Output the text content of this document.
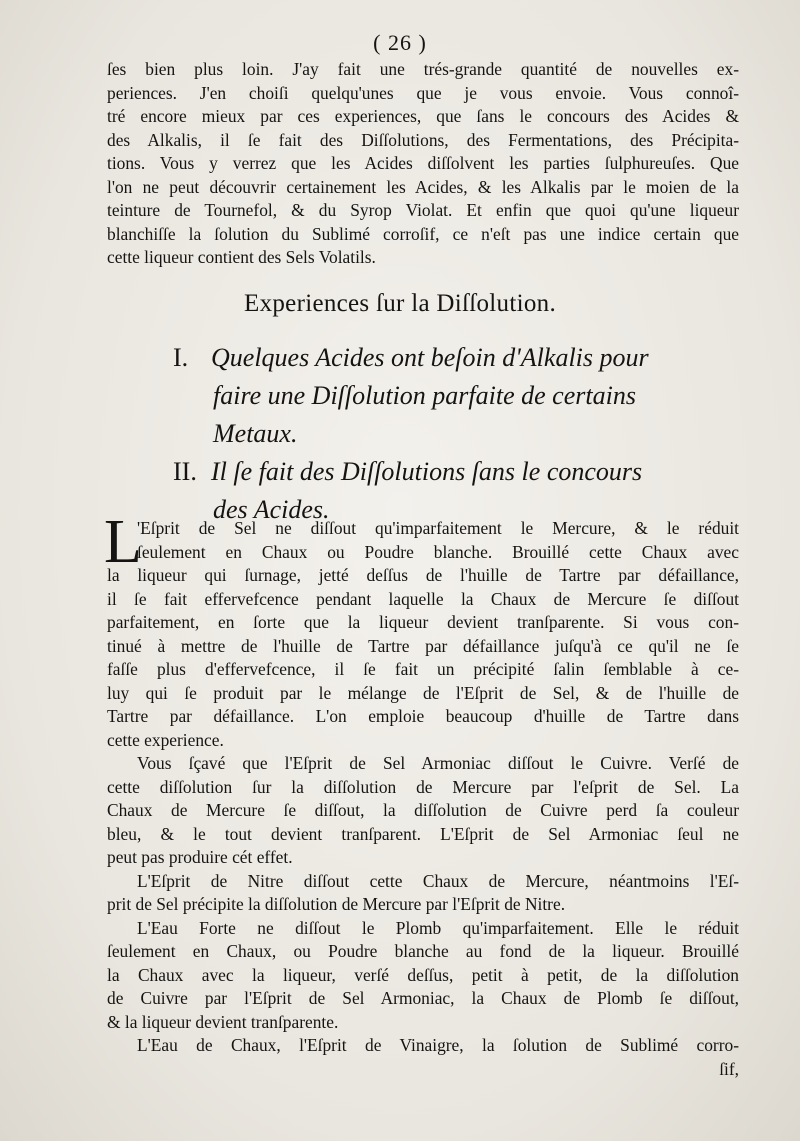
( 26 )
ſes bien plus loin. J'ay fait une trés-grande quantité de nouvelles ex-
periences. J'en choiſi quelqu'unes que je vous envoie. Vous connoî-
tré encore mieux par ces experiences, que ſans le concours des Acides &
des Alkalis, il ſe fait des Diſſolutions, des Fermentations, des Précipita-
tions. Vous y verrez que les Acides diſſolvent les parties ſulphureuſes. Que
l'on ne peut découvrir certainement les Acides, & les Alkalis par le moien de la
teinture de Tournefol, & du Syrop Violat. Et enfin que quoi qu'une liqueur
blanchiſſe la ſolution du Sublimé corroſif, ce n'eſt pas une indice certain que
cette liqueur contient des Sels Volatils.
Experiences ſur la Diſſolution.
I. Quelques Acides ont beſoin d'Alkalis pour
faire une Diſſolution parfaite de certains
Metaux.
II. Il ſe fait des Diſſolutions ſans le concours
des Acides.
L
'Eſprit de Sel ne diſſout qu'imparfaitement le Mercure, & le réduit
ſeulement en Chaux ou Poudre blanche. Brouillé cette Chaux avec
la liqueur qui ſurnage, jetté deſſus de l'huille de Tartre par défaillance,
il ſe fait effervefcence pendant laquelle la Chaux de Mercure ſe diſſout
parfaitement, en ſorte que la liqueur devient tranſparente. Si vous con-
tinué à mettre de l'huille de Tartre par défaillance juſqu'à ce qu'il ne ſe
faſſe plus d'effervefcence, il ſe fait un précipité ſalin ſemblable à ce-
luy qui ſe produit par le mélange de l'Eſprit de Sel, & de l'huille de
Tartre par défaillance. L'on emploie beaucoup d'huille de Tartre dans
cette experience.
Vous ſçavé que l'Eſprit de Sel Armoniac diſſout le Cuivre. Verſé de
cette diſſolution ſur la diſſolution de Mercure par l'eſprit de Sel. La
Chaux de Mercure ſe diſſout, la diſſolution de Cuivre perd ſa couleur
bleu, & le tout devient tranſparent. L'Eſprit de Sel Armoniac ſeul ne
peut pas produire cét effet.
L'Eſprit de Nitre diſſout cette Chaux de Mercure, néantmoins l'Eſ-
prit de Sel précipite la diſſolution de Mercure par l'Eſprit de Nitre.
L'Eau Forte ne diſſout le Plomb qu'imparfaitement. Elle le réduit
ſeulement en Chaux, ou Poudre blanche au fond de la liqueur. Brouillé
la Chaux avec la liqueur, verſé deſſus, petit à petit, de la diſſolution
de Cuivre par l'Eſprit de Sel Armoniac, la Chaux de Plomb ſe diſſout,
& la liqueur devient tranſparente.
L'Eau de Chaux, l'Eſprit de Vinaigre, la ſolution de Sublimé corro-
ſif,
